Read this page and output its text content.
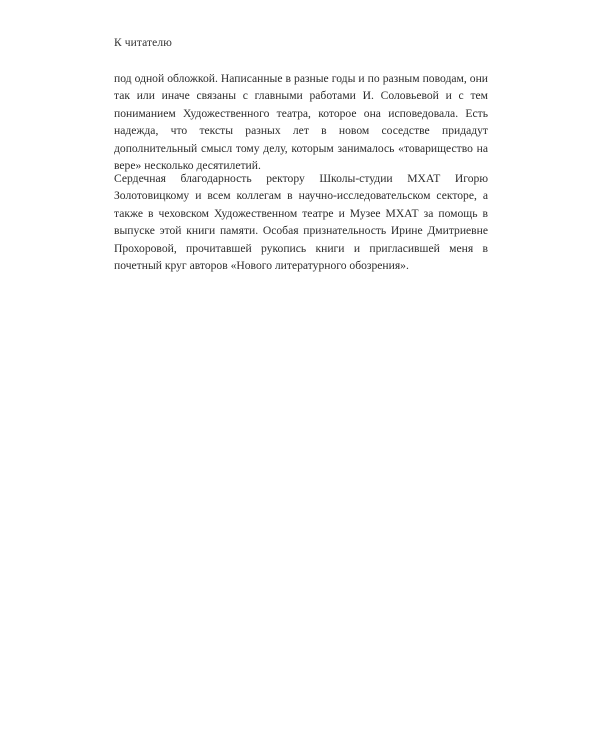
К читателю

под одной обложкой. Написанные в разные годы и по разным поводам, они так или иначе связаны с главными работами И. Соловьевой и с тем пониманием Художественного театра, которое она исповедовала. Есть надежда, что тексты разных лет в новом соседстве придадут дополнительный смысл тому делу, которым занималось «товарищество на вере» несколько десятилетий.

Сердечная благодарность ректору Школы-студии МХАТ Игорю Золотовицкому и всем коллегам в научно-исследовательском секторе, а также в чеховском Художественном театре и Музее МХАТ за помощь в выпуске этой книги памяти. Особая признательность Ирине Дмитриевне Прохоровой, прочитавшей рукопись книги и пригласившей меня в почетный круг авторов «Нового литературного обозрения».
